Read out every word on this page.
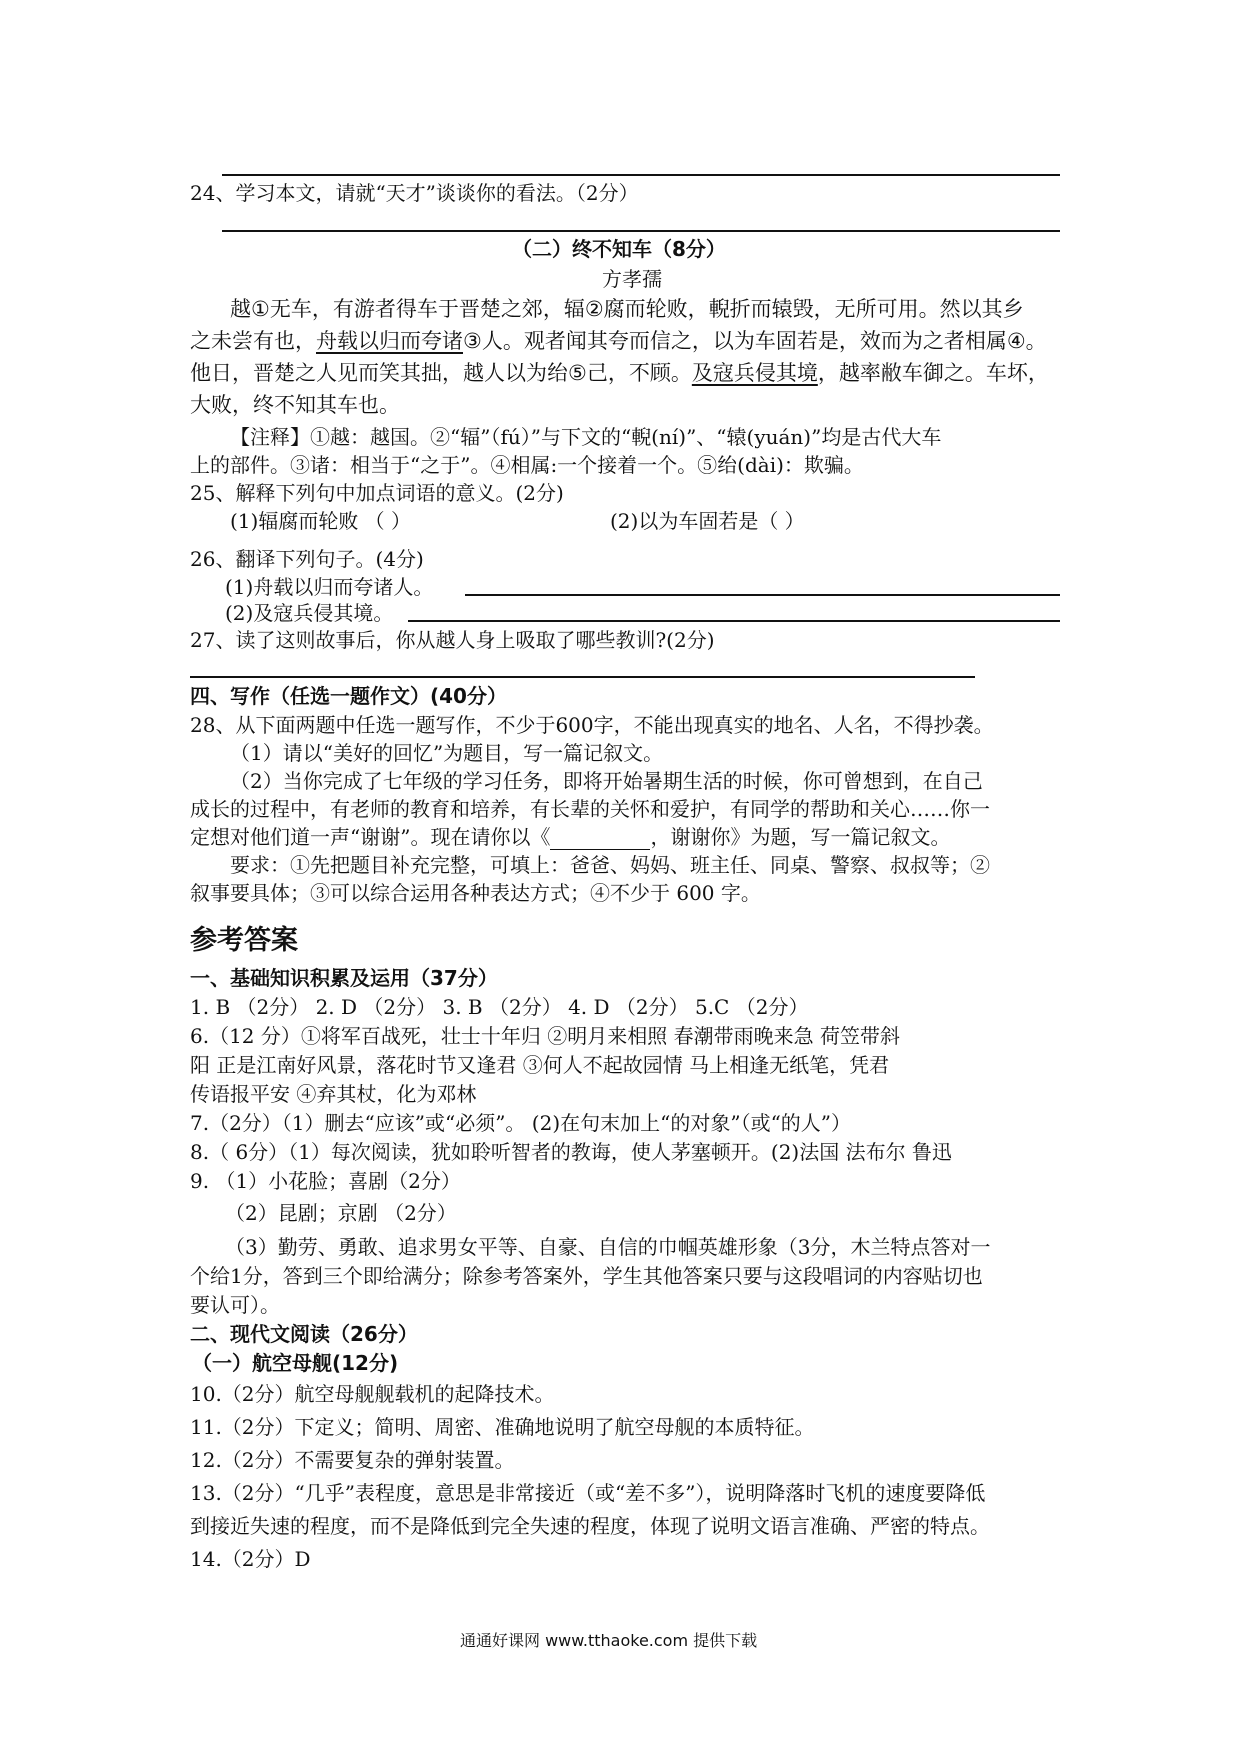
24、学习本文，请就“天才”谈谈你的看法。（2分）
（二）终不知车（8分）
方孝孺
越①无车，有游者得车于晋楚之郊，辐②腐而轮败，輗折而辕毁，无所可用。然以其乡
之未尝有也，舟载以归而夸诸③人。观者闻其夸而信之，以为车固若是，效而为之者相属④。
他日，晋楚之人见而笑其拙，越人以为绐⑤己，不顾。及寇兵侵其境，越率敝车御之。车坏，
大败，终不知其车也。
【注释】①越：越国。②“辐”（fú）”与下文的“輗(ní)”、“辕(yuán)”均是古代大车
上的部件。③诸：相当于“之于”。④相属:一个接着一个。⑤绐(dài)：欺骗。
25、解释下列句中加点词语的意义。(2分)
(1)辐腐而轮败 （ ）	(2)以为车固若是（ ）
26、翻译下列句子。(4分)
(1)舟载以归而夸诸人。
(2)及寇兵侵其境。
27、读了这则故事后，你从越人身上吸取了哪些教训?(2分)
四、写作（任选一题作文）(40分）
28、从下面两题中任选一题写作，不少于600字，不能出现真实的地名、人名，不得抄袭。
（1）请以“美好的回忆”为题目，写一篇记叙文。
（2）当你完成了七年级的学习任务，即将开始暑期生活的时候，你可曾想到，在自己
成长的过程中，有老师的教育和培养，有长辈的关怀和爱护，有同学的帮助和关心……你一
定想对他们道一声“谢谢”。现在请你以《	，谢谢你》为题，写一篇记叙文。
要求：①先把题目补充完整，可填上：爸爸、妈妈、班主任、同桌、警察、叔叔等；②
叙事要具体；③可以综合运用各种表达方式；④不少于 600 字。
参考答案
一、基础知识积累及运用（37分）
1. B （2分） 2. D （2分） 3. B （2分） 4. D （2分） 5.C （2分）
6.（12 分）①将军百战死，壮士十年归 ②明月来相照 春潮带雨晚来急 荷笠带斜
阳 正是江南好风景，落花时节又逢君 ③何人不起故园情 马上相逢无纸笔，凭君
传语报平安 ④弃其杖，化为邓林
7.（2分）（1）删去“应该”或“必须”。 (2)在句末加上“的对象”（或“的人”）
8.（ 6分）（1）每次阅读，犹如聆听智者的教诲，使人茅塞顿开。(2)法国 法布尔 鲁迅
9. （1）小花脸；喜剧（2分）
（2）昆剧；京剧 （2分）
（3）勤劳、勇敢、追求男女平等、自豪、自信的巾帼英雄形象（3分，木兰特点答对一
个给1分，答到三个即给满分；除参考答案外，学生其他答案只要与这段唱词的内容贴切也
要认可）。
二、现代文阅读（26分）
（一）航空母舰(12分)
10.（2分）航空母舰舰载机的起降技术。
11.（2分）下定义；简明、周密、准确地说明了航空母舰的本质特征。
12.（2分）不需要复杂的弹射装置。
13.（2分）“几乎”表程度，意思是非常接近（或“差不多”），说明降落时飞机的速度要降低
到接近失速的程度，而不是降低到完全失速的程度，体现了说明文语言准确、严密的特点。
14.（2分）D
通通好课网 www.tthaoke.com 提供下载
